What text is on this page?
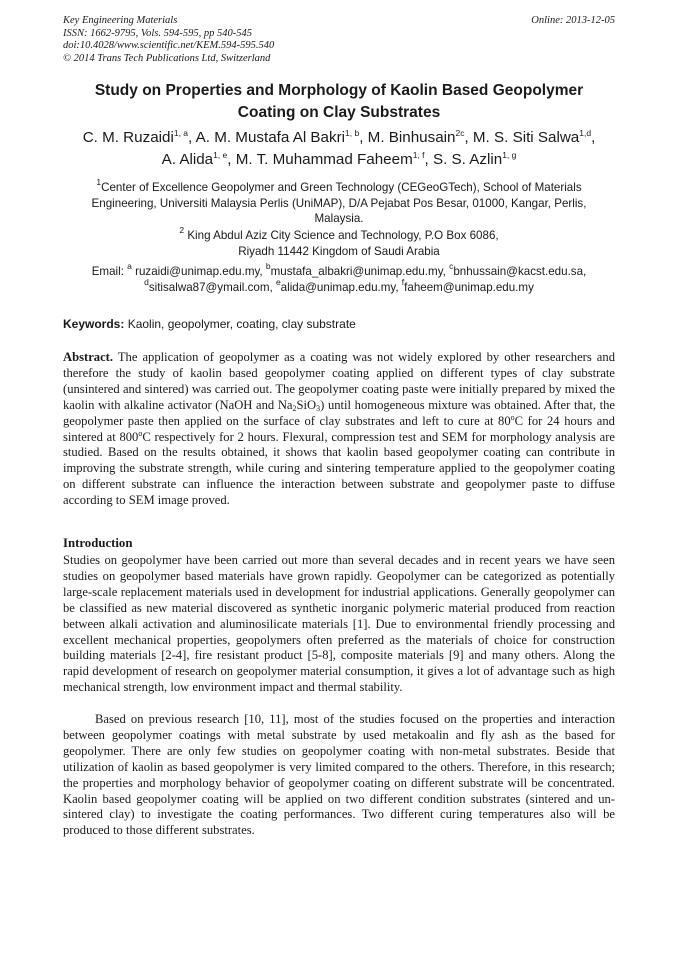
Key Engineering Materials
ISSN: 1662-9795, Vols. 594-595, pp 540-545
doi:10.4028/www.scientific.net/KEM.594-595.540
© 2014 Trans Tech Publications Ltd, Switzerland
Online: 2013-12-05
Study on Properties and Morphology of Kaolin Based Geopolymer
Coating on Clay Substrates
C. M. Ruzaidi$^{1, a}$, A. M. Mustafa Al Bakri$^{1, b}$, M. Binhusain$^{2c}$, M. S. Siti Salwa$^{1,d}$,
A. Alida$^{1, e}$, M. T. Muhammad Faheem$^{1, f}$, S. S. Azlin$^{1, g}$
$^1$Center of Excellence Geopolymer and Green Technology (CEGeoGTech), School of Materials
Engineering, Universiti Malaysia Perlis (UniMAP), D/A Pejabat Pos Besar, 01000, Kangar, Perlis,
Malaysia.
$^2$ King Abdul Aziz City Science and Technology, P.O Box 6086,
Riyadh 11442 Kingdom of Saudi Arabia
Email: $^a$ ruzaidi@unimap.edu.my, $^b$mustafa_albakri@unimap.edu.my, $^c$bnhussain@kacst.edu.sa,
$^d$sitisalwa87@ymail.com, $^e$alida@unimap.edu.my, $^f$faheem@unimap.edu.my
Keywords: Kaolin, geopolymer, coating, clay substrate

Abstract. The application of geopolymer as a coating was not widely explored by other researchers and therefore the study of kaolin based geopolymer coating applied on different types of clay substrate (unsintered and sintered) was carried out. The geopolymer coating paste were initially prepared by mixed the kaolin with alkaline activator (NaOH and $Na_2SiO_3$) until homogeneous mixture was obtained. After that, the geopolymer paste then applied on the surface of clay substrates and left to cure at 80$^o$C for 24 hours and sintered at 800$^o$C respectively for 2 hours. Flexural, compression test and SEM for morphology analysis are studied. Based on the results obtained, it shows that kaolin based geopolymer coating can contribute in improving the substrate strength, while curing and sintering temperature applied to the geopolymer coating on different substrate can influence the interaction between substrate and geopolymer paste to diffuse according to SEM image proved.

Introduction

Studies on geopolymer have been carried out more than several decades and in recent years we have seen studies on geopolymer based materials have grown rapidly. Geopolymer can be categorized as potentially large-scale replacement materials used in development for industrial applications. Generally geopolymer can be classified as new material discovered as synthetic inorganic polymeric material produced from reaction between alkali activation and aluminosilicate materials [1]. Due to environmental friendly processing and excellent mechanical properties, geopolymers often preferred as the materials of choice for construction building materials [2-4], fire resistant product [5-8], composite materials [9] and many others. Along the rapid development of research on geopolymer material consumption, it gives a lot of advantage such as high mechanical strength, low environment impact and thermal stability.

Based on previous research [10, 11], most of the studies focused on the properties and interaction between geopolymer coatings with metal substrate by used metakoalin and fly ash as the based for geopolymer. There are only few studies on geopolymer coating with non-metal substrates. Beside that utilization of kaolin as based geopolymer is very limited compared to the others. Therefore, in this research; the properties and morphology behavior of geopolymer coating on different substrate will be concentrated. Kaolin based geopolymer coating will be applied on two different condition substrates (sintered and un-sintered clay) to investigate the coating performances. Two different curing temperatures also will be produced to those different substrates.
